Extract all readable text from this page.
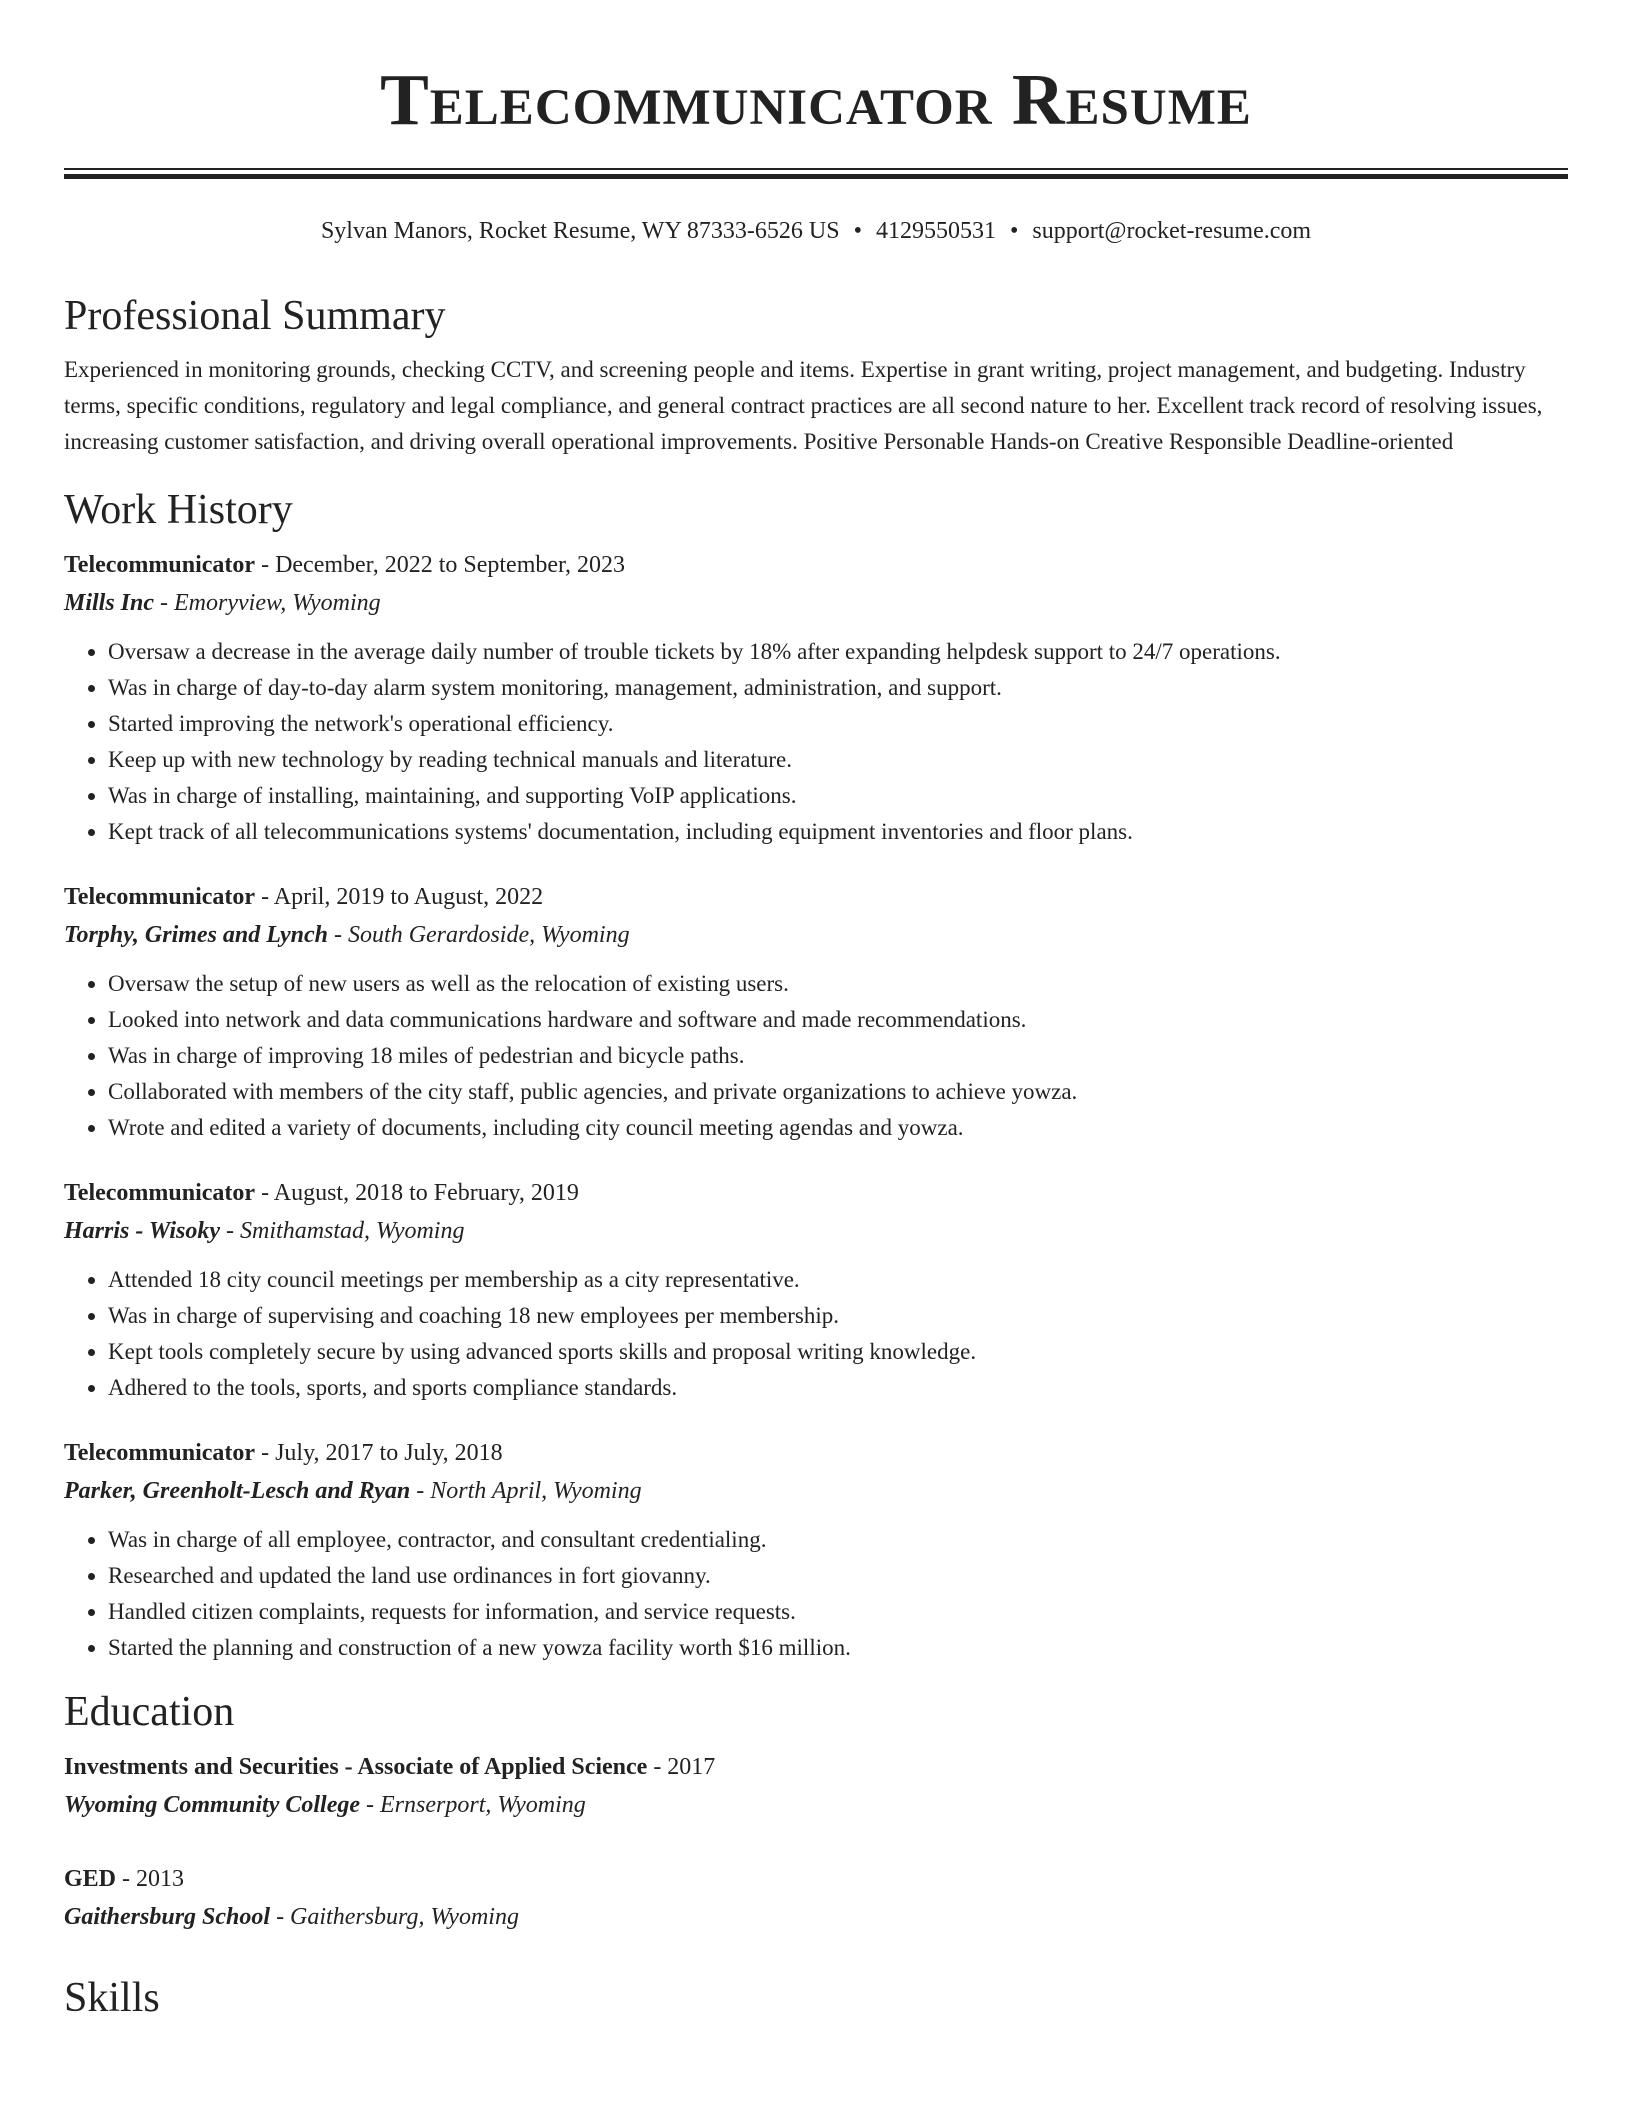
Telecommunicator Resume
Sylvan Manors, Rocket Resume, WY 87333-6526 US • 4129550531 • support@rocket-resume.com
Professional Summary

Experienced in monitoring grounds, checking CCTV, and screening people and items. Expertise in grant writing, project management, and budgeting. Industry terms, specific conditions, regulatory and legal compliance, and general contract practices are all second nature to her. Excellent track record of resolving issues, increasing customer satisfaction, and driving overall operational improvements. Positive Personable Hands-on Creative Responsible Deadline-oriented

Work History
Telecommunicator - December, 2022 to September, 2023
Mills Inc - Emoryview, Wyoming
• Oversaw a decrease in the average daily number of trouble tickets by 18% after expanding helpdesk support to 24/7 operations.
• Was in charge of day-to-day alarm system monitoring, management, administration, and support.
• Started improving the network's operational efficiency.
• Keep up with new technology by reading technical manuals and literature.
• Was in charge of installing, maintaining, and supporting VoIP applications.
• Kept track of all telecommunications systems' documentation, including equipment inventories and floor plans.
Telecommunicator - April, 2019 to August, 2022
Torphy, Grimes and Lynch - South Gerardoside, Wyoming
• Oversaw the setup of new users as well as the relocation of existing users.
• Looked into network and data communications hardware and software and made recommendations.
• Was in charge of improving 18 miles of pedestrian and bicycle paths.
• Collaborated with members of the city staff, public agencies, and private organizations to achieve yowza.
• Wrote and edited a variety of documents, including city council meeting agendas and yowza.
Telecommunicator - August, 2018 to February, 2019
Harris - Wisoky - Smithamstad, Wyoming
• Attended 18 city council meetings per membership as a city representative.
• Was in charge of supervising and coaching 18 new employees per membership.
• Kept tools completely secure by using advanced sports skills and proposal writing knowledge.
• Adhered to the tools, sports, and sports compliance standards.
Telecommunicator - July, 2017 to July, 2018
Parker, Greenholt-Lesch and Ryan - North April, Wyoming
• Was in charge of all employee, contractor, and consultant credentialing.
• Researched and updated the land use ordinances in fort giovanny.
• Handled citizen complaints, requests for information, and service requests.
• Started the planning and construction of a new yowza facility worth $16 million.
Education
Investments and Securities - Associate of Applied Science - 2017
Wyoming Community College - Ernserport, Wyoming
GED - 2013
Gaithersburg School - Gaithersburg, Wyoming
Skills
